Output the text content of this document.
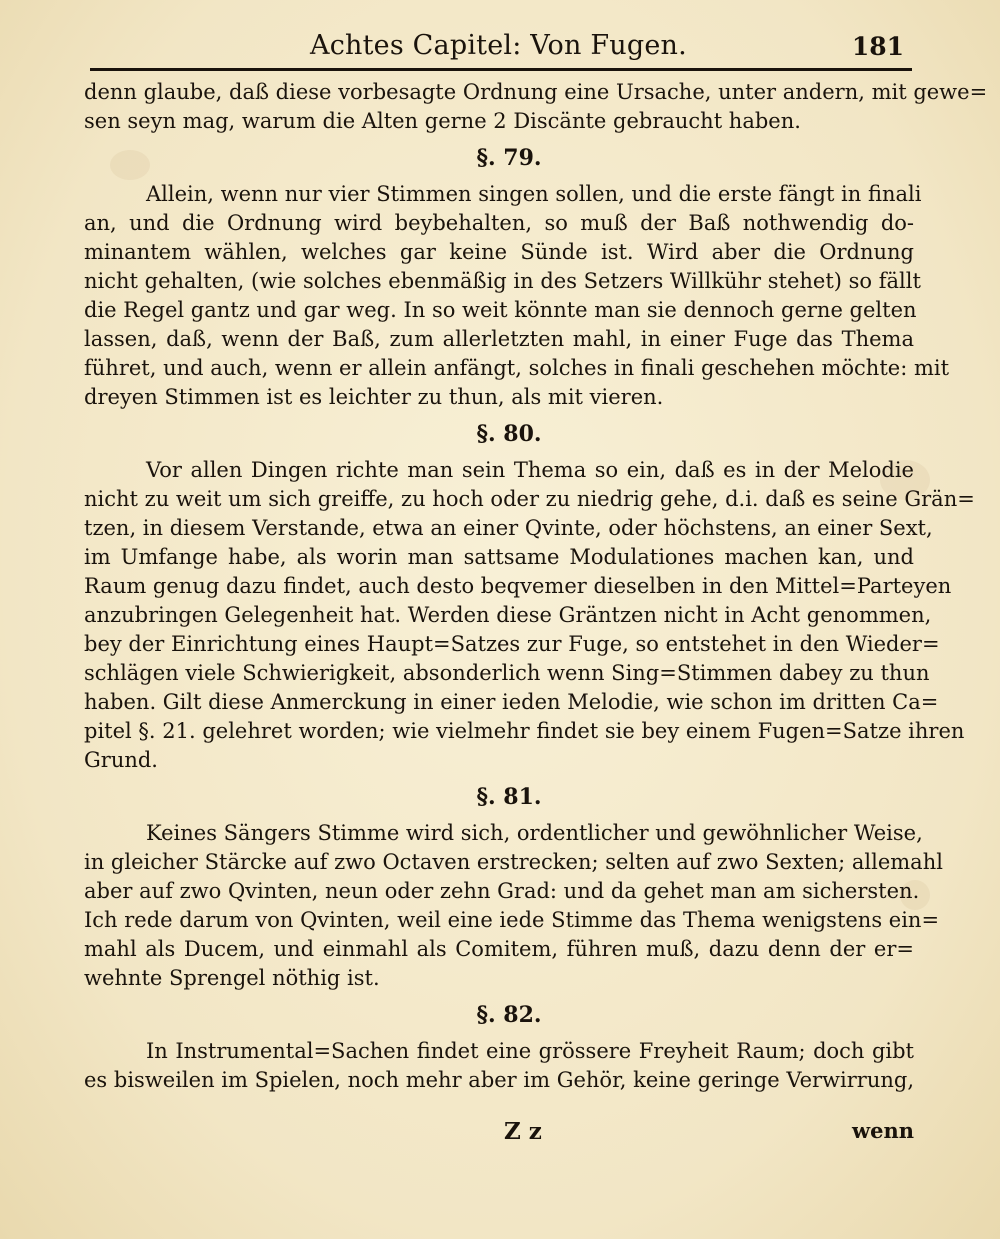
Achtes Capitel: Von Fugen.	181
denn glaube, daß diese vorbesagte Ordnung eine Ursache, unter andern, mit gewe=
sen seyn mag, warum die Alten gerne 2 Discänte gebraucht haben.
§. 79.
Allein, wenn nur vier Stimmen singen sollen, und die erste fängt in finali
an, und die Ordnung wird beybehalten, so muß der Baß nothwendig do-
minantem wählen, welches gar keine Sünde ist. Wird aber die Ordnung
nicht gehalten, (wie solches ebenmäßig in des Setzers Willkühr stehet) so fällt
die Regel gantz und gar weg. In so weit könnte man sie dennoch gerne gelten
lassen, daß, wenn der Baß, zum allerletzten mahl, in einer Fuge das Thema
führet, und auch, wenn er allein anfängt, solches in finali geschehen möchte: mit
dreyen Stimmen ist es leichter zu thun, als mit vieren.
§. 80.
Vor allen Dingen richte man sein Thema so ein, daß es in der Melodie
nicht zu weit um sich greiffe, zu hoch oder zu niedrig gehe, d.i. daß es seine Grän=
tzen, in diesem Verstande, etwa an einer Qvinte, oder höchstens, an einer Sext,
im Umfange habe, als worin man sattsame Modulationes machen kan, und
Raum genug dazu findet, auch desto beqvemer dieselben in den Mittel=Parteyen
anzubringen Gelegenheit hat. Werden diese Gräntzen nicht in Acht genommen,
bey der Einrichtung eines Haupt=Satzes zur Fuge, so entstehet in den Wieder=
schlägen viele Schwierigkeit, absonderlich wenn Sing=Stimmen dabey zu thun
haben. Gilt diese Anmerckung in einer ieden Melodie, wie schon im dritten Ca=
pitel §. 21. gelehret worden; wie vielmehr findet sie bey einem Fugen=Satze ihren
Grund.
§. 81.
Keines Sängers Stimme wird sich, ordentlicher und gewöhnlicher Weise,
in gleicher Stärcke auf zwo Octaven erstrecken; selten auf zwo Sexten; allemahl
aber auf zwo Qvinten, neun oder zehn Grad: und da gehet man am sichersten.
Ich rede darum von Qvinten, weil eine iede Stimme das Thema wenigstens ein=
mahl als Ducem, und einmahl als Comitem, führen muß, dazu denn der er=
wehnte Sprengel nöthig ist.
§. 82.
In Instrumental=Sachen findet eine grössere Freyheit Raum; doch gibt
es bisweilen im Spielen, noch mehr aber im Gehör, keine geringe Verwirrung,
Z z	wenn
